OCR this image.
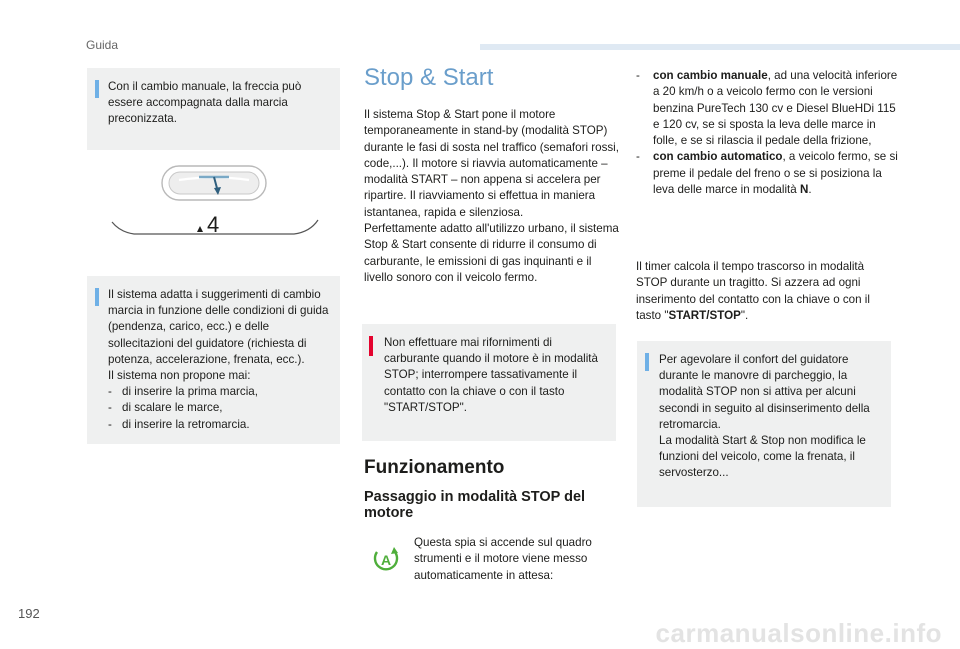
Guida

Con il cambio manuale, la freccia può essere accompagnata dalla marcia preconizzata.

4

Il sistema adatta i suggerimenti di cambio marcia in funzione delle condizioni di guida (pendenza, carico, ecc.) e delle sollecitazioni del guidatore (richiesta di potenza, accelerazione, frenata, ecc.).

Il sistema non propone mai:

- di inserire la prima marcia,
- di scalare le marce,
- di inserire la retromarcia.
Stop & Start

Il sistema Stop & Start pone il motore temporaneamente in stand-by (modalità STOP) durante le fasi di sosta nel traffico (semafori rossi, code,...). Il motore si riavvia automaticamente – modalità START – non appena si accelera per ripartire. Il riavviamento si effettua in maniera istantanea, rapida e silenziosa.

Perfettamente adatto all'utilizzo urbano, il sistema Stop & Start consente di ridurre il consumo di carburante, le emissioni di gas inquinanti e il livello sonoro con il veicolo fermo.

Non effettuare mai rifornimenti di carburante quando il motore è in modalità STOP; interrompere tassativamente il contatto con la chiave o con il tasto "START/STOP".

Funzionamento
Passaggio in modalità STOP del motore
A

Questa spia si accende sul quadro strumenti e il motore viene messo automaticamente in attesa:

-	con cambio manuale, ad una velocità inferiore a 20 km/h o a veicolo fermo con le versioni benzina PureTech 130 cv e Diesel BlueHDi 115 e 120 cv, se si sposta la leva delle marce in folle, e se si rilascia il pedale della frizione,
-	con cambio automatico, a veicolo fermo, se si preme il pedale del freno o se si posiziona la leva delle marce in modalità N.

Il timer calcola il tempo trascorso in modalità STOP durante un tragitto. Si azzera ad ogni inserimento del contatto con la chiave o con il tasto "START/STOP".

Per agevolare il confort del guidatore durante le manovre di parcheggio, la modalità STOP non si attiva per alcuni secondi in seguito al disinserimento della retromarcia.

La modalità Start & Stop non modifica le funzioni del veicolo, come la frenata, il servosterzo...

192
carmanualsonline.info
